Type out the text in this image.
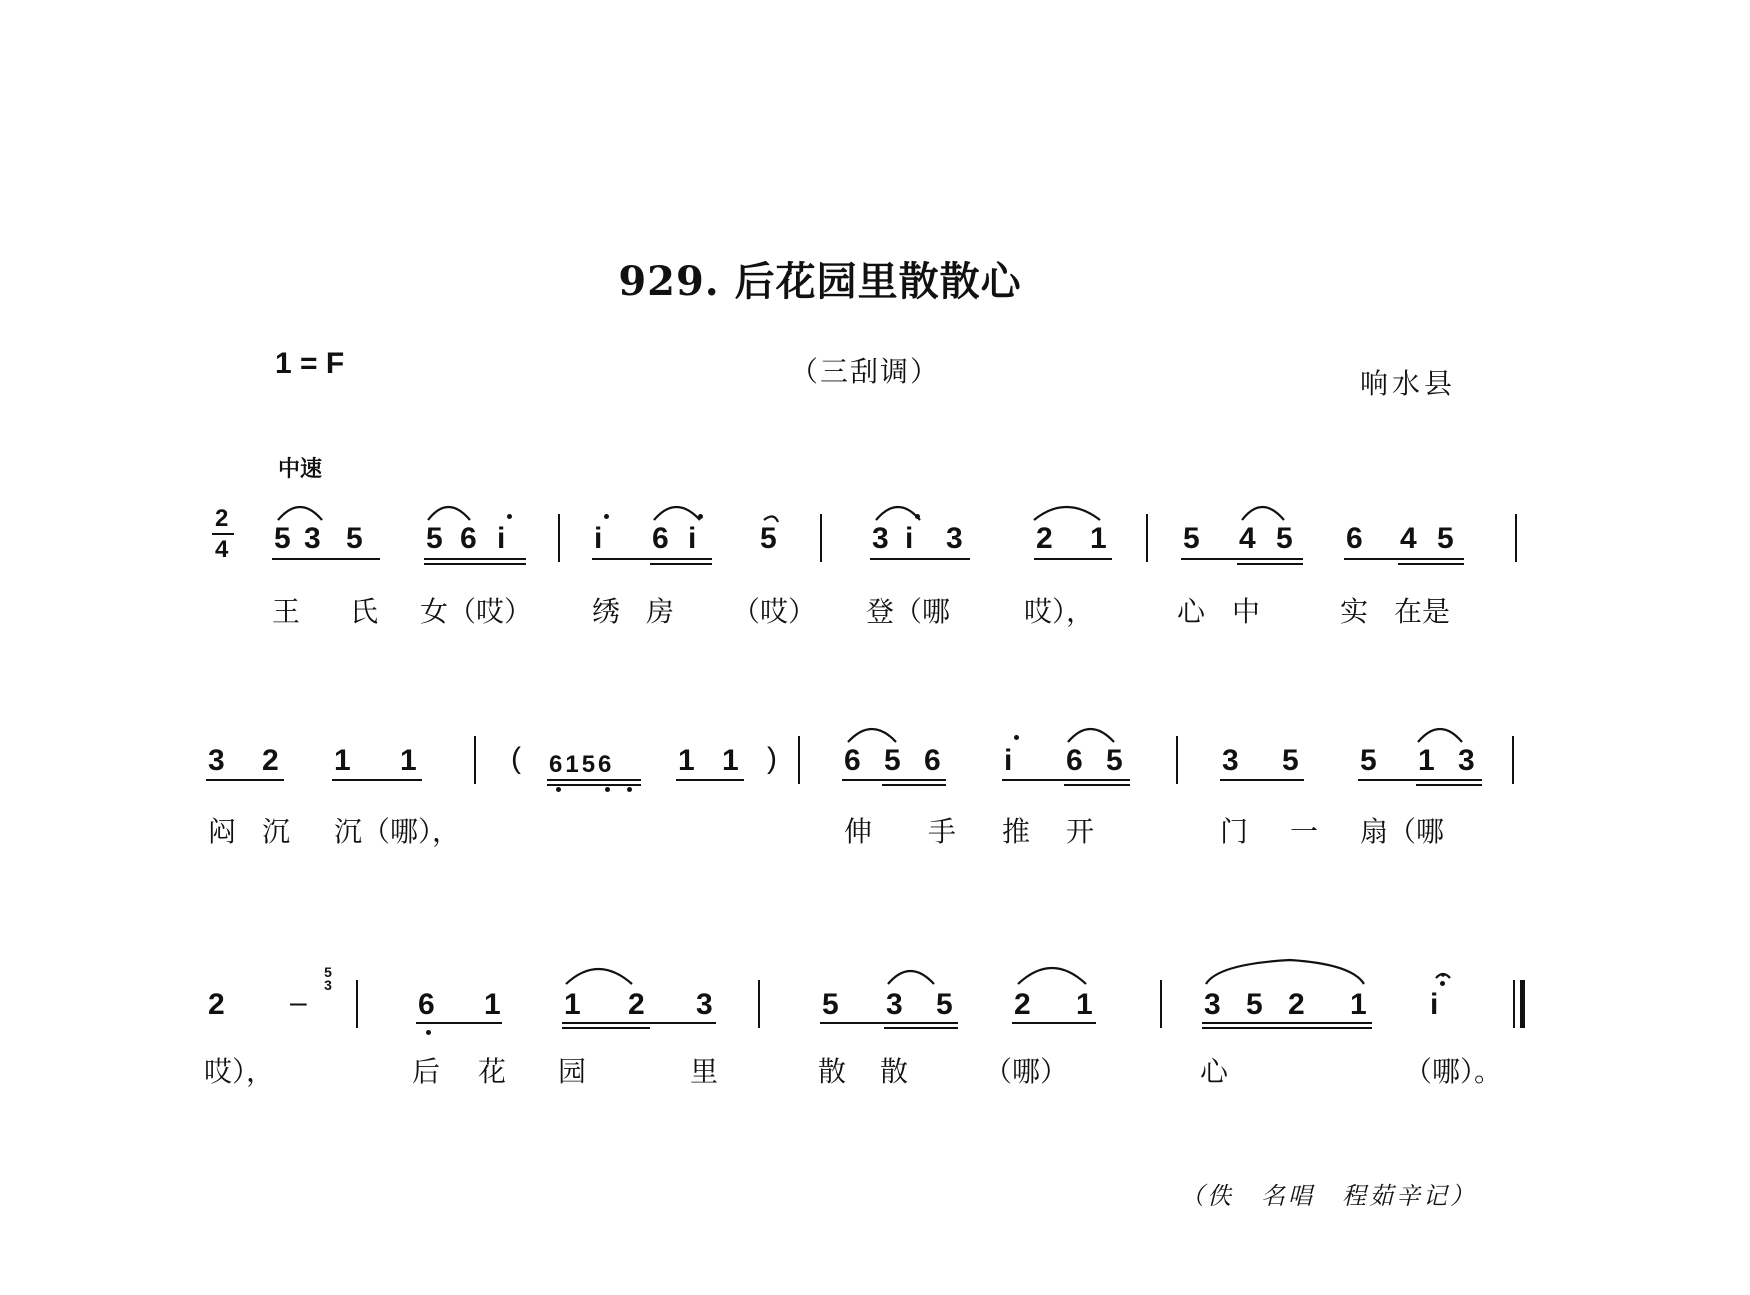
929. 后花园里散散心
1 = F	（三刮调）	响水县
中速
2
4 5 3 5 5 6 i	i 6 i 5	3 i 3 2 1	5 4 5 6 4 5
王 氏 女（哎） 绣 房 （哎） 登（哪	哎），	心 中	实 在是
3 2 1 1	( 6156 1 1 ) 6 5 6 i 6 5	3 5 5 1 3
闷 沉 沉（哪），	伸 手 推 开	门 一 扇（哪
2 –
5​3
6 1 1 2 3	5 3 5 2 1	3 5 2 1 i
哎），	后 花 园	里	散 散	（哪）	心	（哪）。
（佚　名唱　程茹辛记）
